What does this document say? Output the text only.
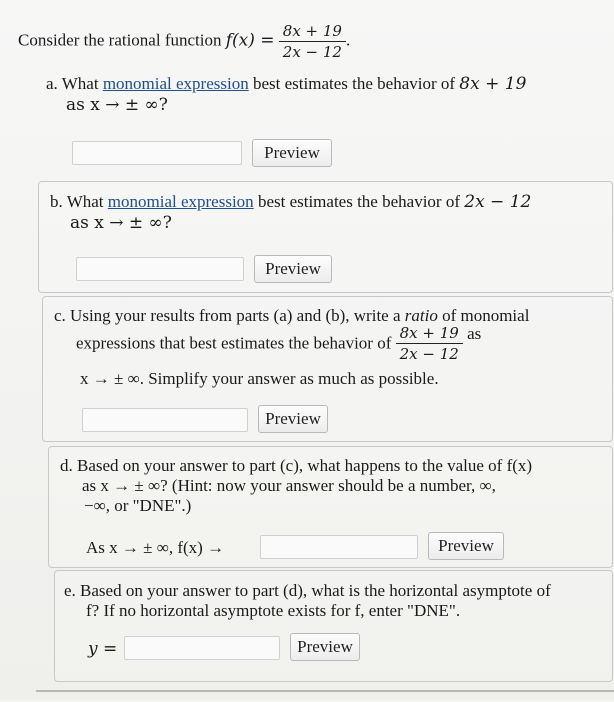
Consider the rational function $f(x) = \frac{8x + 19}{2x - 12}$ .
a. What monomial expression best estimates the behavior of 8x + 19
as x → ± ∞?
Preview
b. What monomial expression best estimates the behavior of 2x − 12
as x → ± ∞?
Preview
c. Using your results from parts (a) and (b), write a ratio of monomial
expressions that best estimates the behavior of $\frac{8x + 19}{2x - 12}$ as
x → ± ∞. Simplify your answer as much as possible.
Preview
d. Based on your answer to part (c), what happens to the value of f(x)
as x → ± ∞? (Hint: now your answer should be a number, ∞,
−∞, or "DNE".)
As x → ± ∞, f(x) →	Preview
e. Based on your answer to part (d), what is the horizontal asymptote of
f? If no horizontal asymptote exists for f, enter "DNE".
y =	Preview
